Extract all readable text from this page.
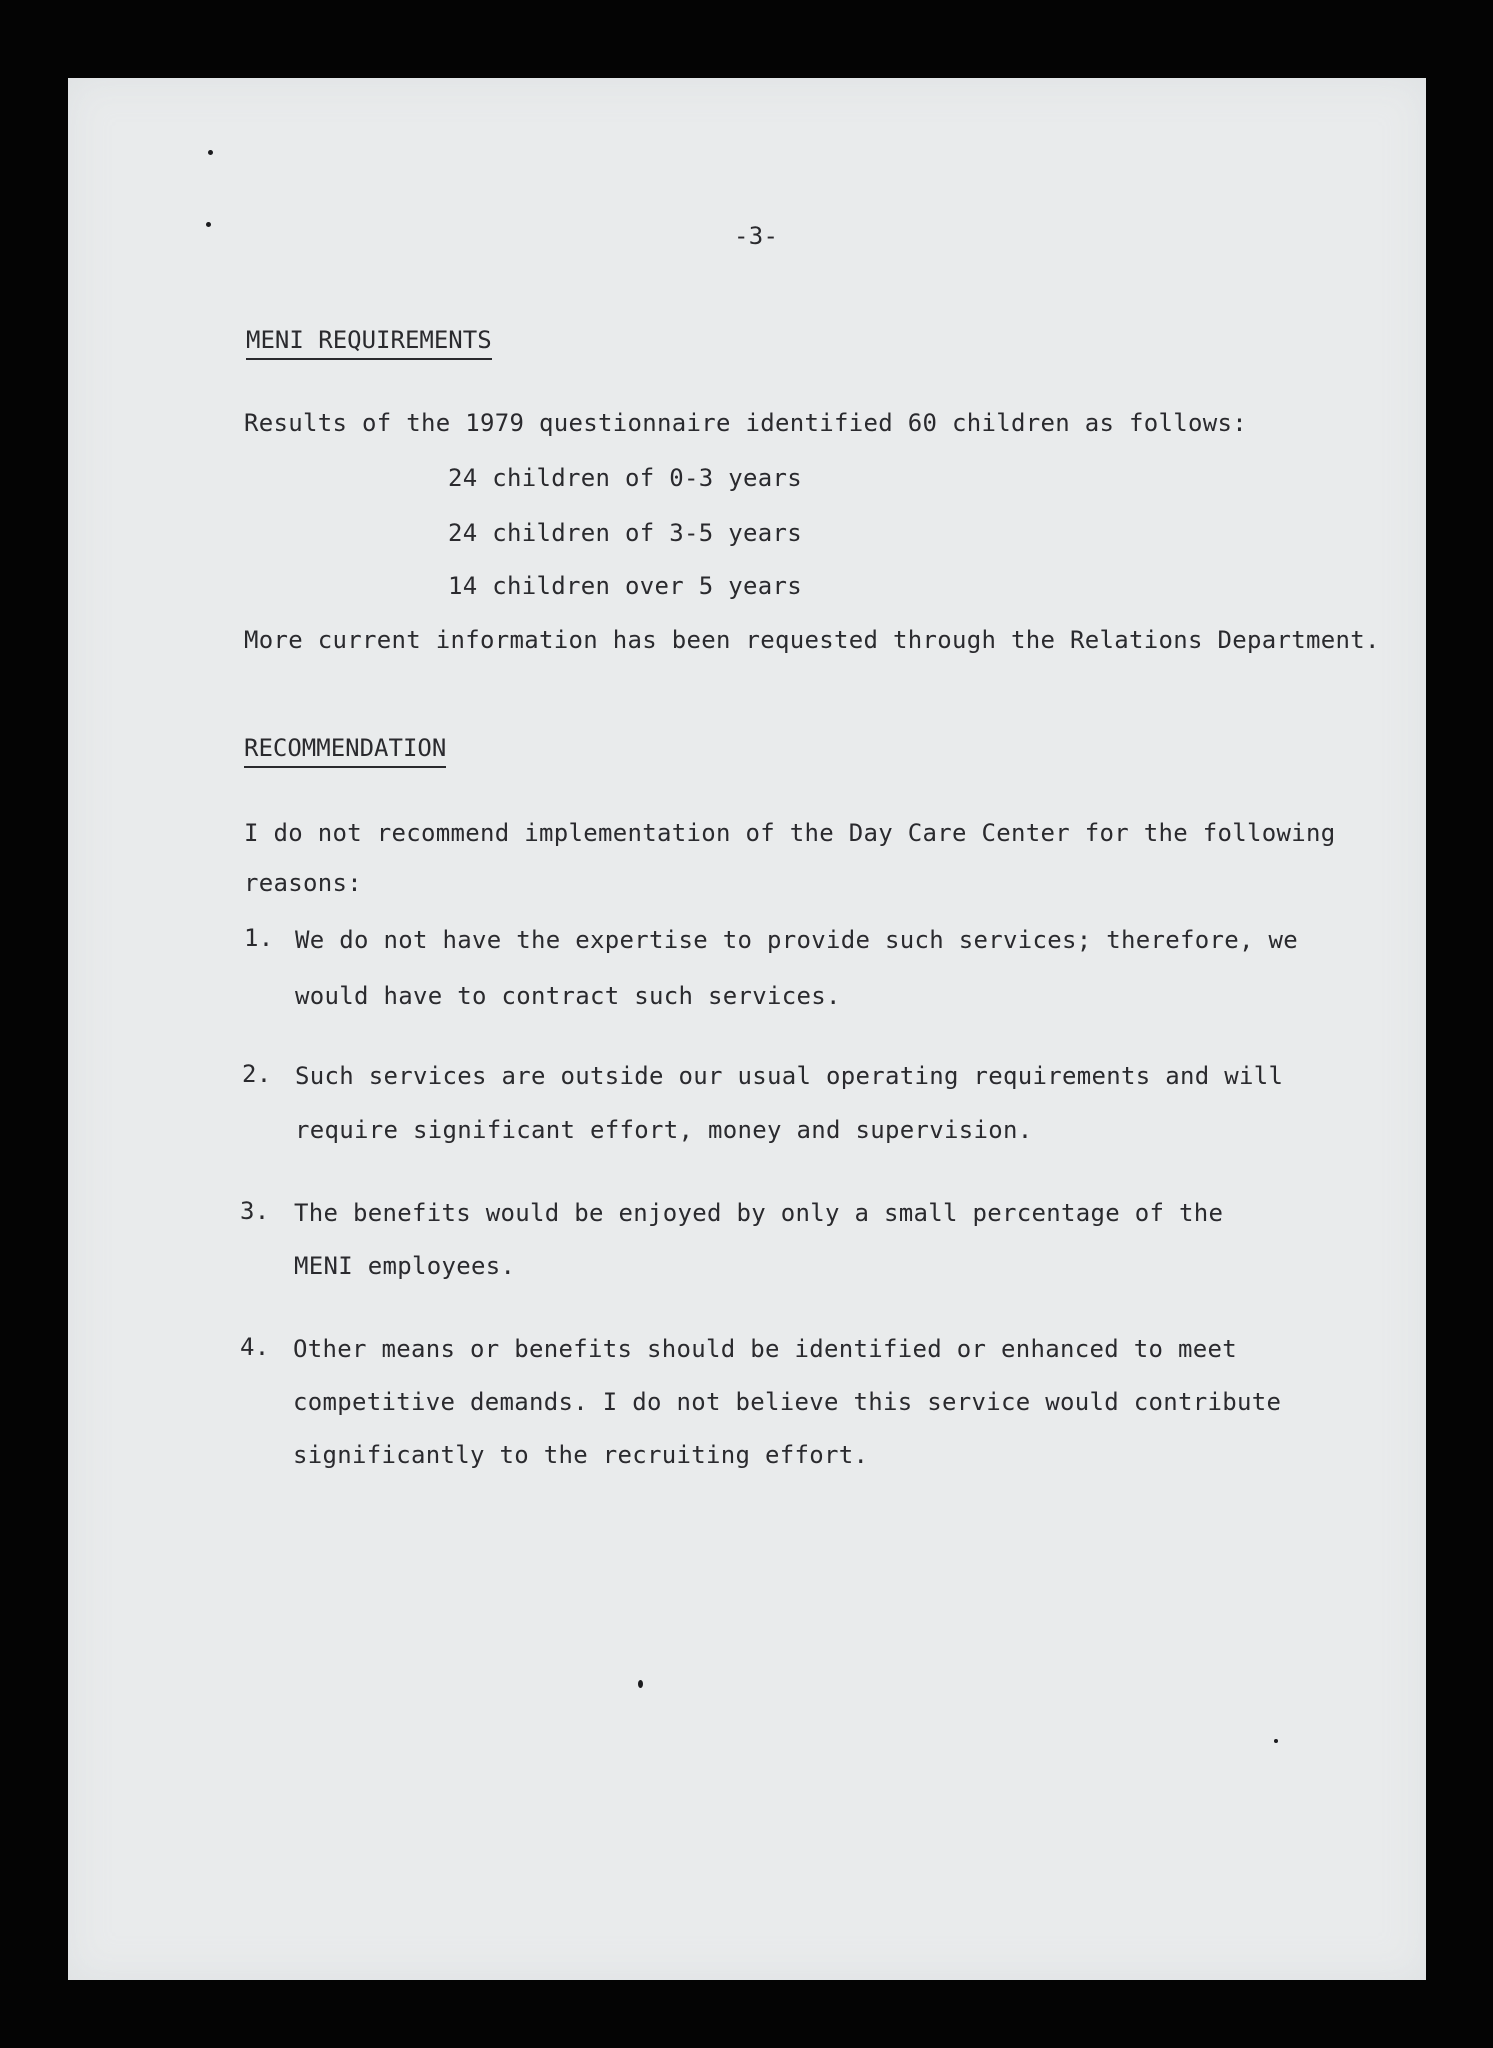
-3-
MENI REQUIREMENTS
Results of the 1979 questionnaire identified 60 children as follows:
24 children of 0-3 years
24 children of 3-5 years
14 children over 5 years
More current information has been requested through the Relations Department.
RECOMMENDATION
I do not recommend implementation of the Day Care Center for the following
reasons:
1. We do not have the expertise to provide such services; therefore, we
would have to contract such services.
2. Such services are outside our usual operating requirements and will
require significant effort, money and supervision.
3. The benefits would be enjoyed by only a small percentage of the
MENI employees.
4. Other means or benefits should be identified or enhanced to meet
competitive demands. I do not believe this service would contribute
significantly to the recruiting effort.
